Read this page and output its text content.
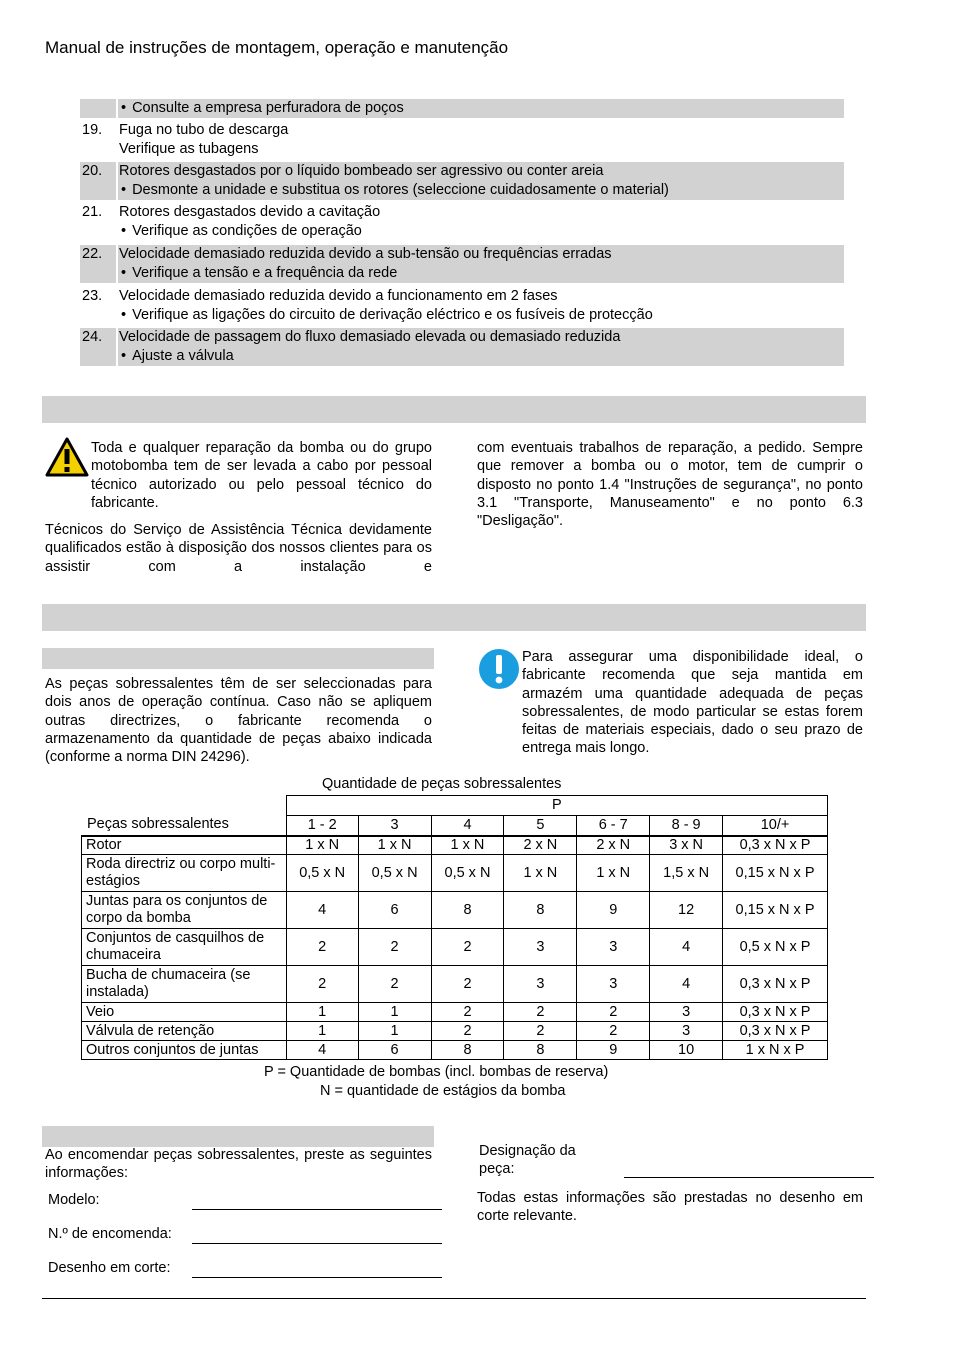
Manual de instruções de montagem, operação e manutenção
• Consulte a empresa perfuradora de poços
19.	Fuga no tubo de descarga
Verifique as tubagens
20.	Rotores desgastados por o líquido bombeado ser agressivo ou conter areia
• Desmonte a unidade e substitua os rotores (seleccione cuidadosamente o material)
21.	Rotores desgastados devido a cavitação
• Verifique as condições de operação
22.	Velocidade demasiado reduzida devido a sub-tensão ou frequências erradas
• Verifique a tensão e a frequência da rede
23.	Velocidade demasiado reduzida devido a funcionamento em 2 fases
• Verifique as ligações do circuito de derivação eléctrico e os fusíveis de protecção
24.	Velocidade de passagem do fluxo demasiado elevada ou demasiado reduzida
• Ajuste a válvula
Toda e qualquer reparação da bomba ou do grupo motobomba tem de ser levada a cabo por pessoal técnico autorizado ou pelo pessoal técnico do fabricante.
Técnicos do Serviço de Assistência Técnica devidamente qualificados estão à disposição dos nossos clientes para os assistir com a instalação e
com eventuais trabalhos de reparação, a pedido. Sempre que remover a bomba ou o motor, tem de cumprir o disposto no ponto 1.4 "Instruções de segurança", no ponto 3.1 "Transporte, Manuseamento" e no ponto 6.3 "Desligação".
As peças sobressalentes têm de ser seleccionadas para dois anos de operação contínua. Caso não se apliquem outras directrizes, o fabricante recomenda o armazenamento da quantidade de peças abaixo indicada (conforme a norma DIN 24296).
Para assegurar uma disponibilidade ideal, o fabricante recomenda que seja mantida em armazém uma quantidade adequada de peças sobressalentes, de modo particular se estas forem feitas de materiais especiais, dado o seu prazo de entrega mais longo.
Quantidade de peças sobressalentes
Peças sobressalentes
	P						
	1 - 2	3	4	5	6 - 7	8 - 9	10/+
Rotor	1 x N	1 x N	1 x N	2 x N	2 x N	3 x N	0,3 x N x P
Roda directriz ou corpo multi-estágios	0,5 x N	0,5 x N	0,5 x N	1 x N	1 x N	1,5 x N	0,15 x N x P
Juntas para os conjuntos de corpo da bomba	4	6	8	8	9	12	0,15 x N x P
Conjuntos de casquilhos de chumaceira	2	2	2	3	3	4	0,5 x N x P
Bucha de chumaceira (se instalada)	2	2	2	3	3	4	0,3 x N x P
Veio	1	1	2	2	2	3	0,3 x N x P
Válvula de retenção	1	1	2	2	2	3	0,3 x N x P
Outros conjuntos de juntas	4	6	8	8	9	10	1 x N x P
P = Quantidade de bombas (incl. bombas de reserva)
N = quantidade de estágios da bomba
Ao encomendar peças sobressalentes, preste as seguintes informações:
Modelo:
N.º de encomenda:
Desenho em corte:
Designação da peça:
Todas estas informações são prestadas no desenho em corte relevante.
